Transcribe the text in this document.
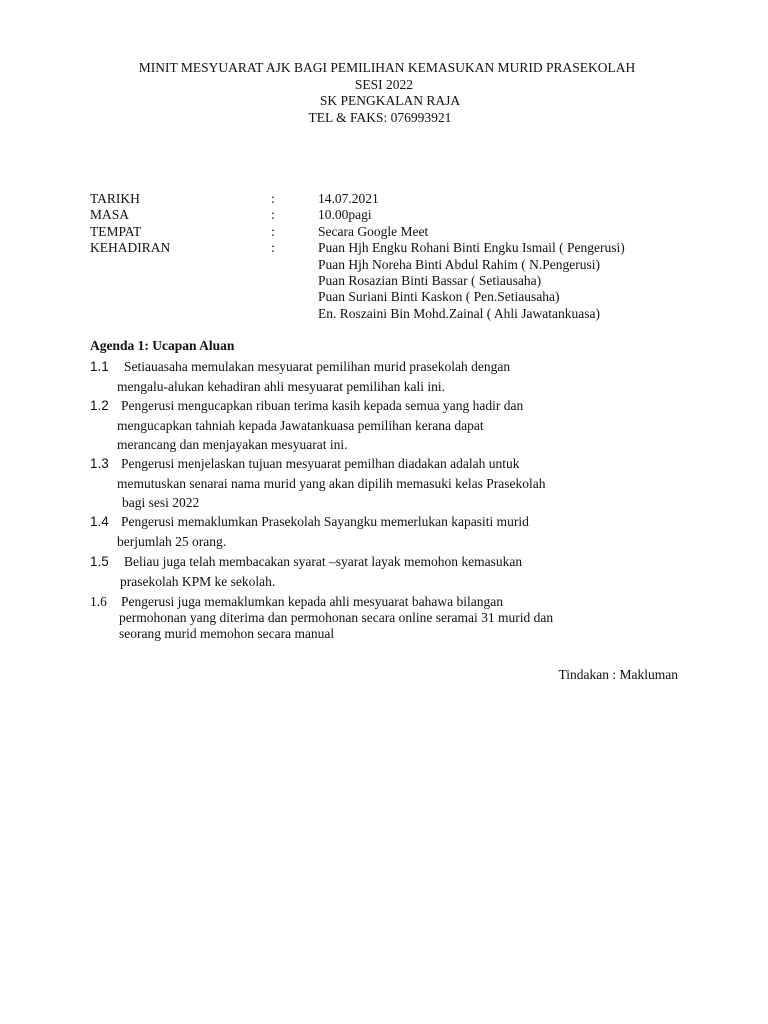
MINIT MESYUARAT AJK BAGI PEMILIHAN KEMASUKAN MURID PRASEKOLAH
SESI 2022
SK PENGKALAN RAJA
TEL & FAKS: 076993921
TARIKH	:	14.07.2021
MASA	:	10.00pagi
TEMPAT	:	Secara Google Meet
KEHADIRAN	:	Puan Hjh Engku Rohani Binti Engku Ismail ( Pengerusi)
Puan Hjh Noreha Binti Abdul Rahim ( N.Pengerusi)
Puan Rosazian Binti Bassar ( Setiausaha)
Puan Suriani Binti Kaskon ( Pen.Setiausaha)
En. Roszaini Bin Mohd.Zainal ( Ahli Jawatankuasa)
Agenda 1: Ucapan Aluan
1.1 Setiauasaha memulakan mesyuarat pemilihan murid prasekolah dengan
mengalu-alukan kehadiran ahli mesyuarat pemilihan kali ini.
1.2 Pengerusi mengucapkan ribuan terima kasih kepada semua yang hadir dan
mengucapkan tahniah kepada Jawatankuasa pemilihan kerana dapat
merancang dan menjayakan mesyuarat ini.
1.3 Pengerusi menjelaskan tujuan mesyuarat pemilhan diadakan adalah untuk
memutuskan senarai nama murid yang akan dipilih memasuki kelas Prasekolah
bagi sesi 2022
1.4 Pengerusi memaklumkan Prasekolah Sayangku memerlukan kapasiti murid
berjumlah 25 orang.
1.5 Beliau juga telah membacakan syarat –syarat layak memohon kemasukan
prasekolah KPM ke sekolah.
1.6 Pengerusi juga memaklumkan kepada ahli mesyuarat bahawa bilangan
permohonan yang diterima dan permohonan secara online seramai 31 murid dan
seorang murid memohon secara manual
Tindakan : Makluman
